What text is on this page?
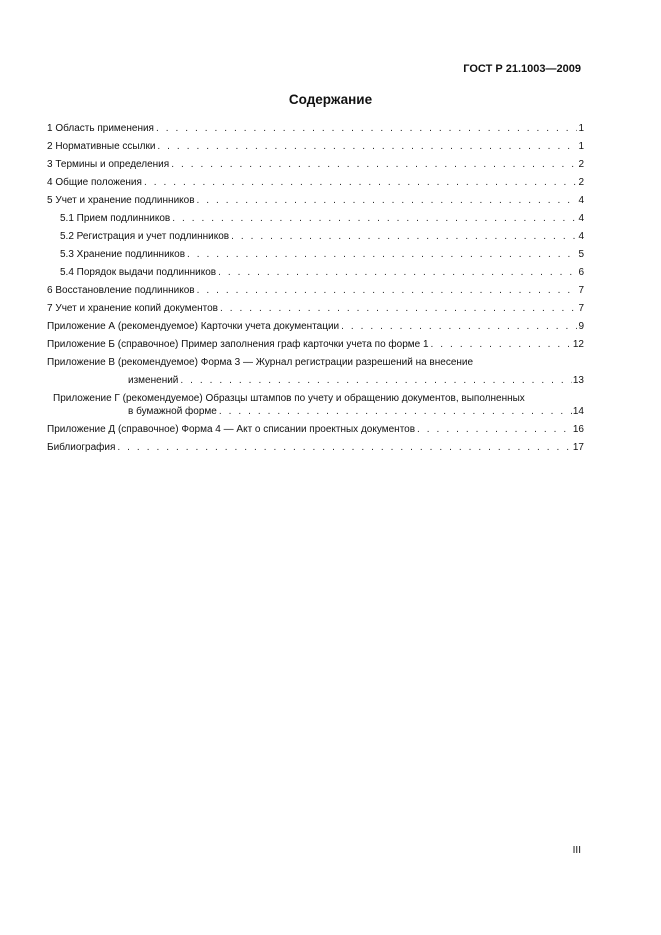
ГОСТ Р 21.1003—2009
Содержание
1 Область применения . . .	1
2 Нормативные ссылки . . .	1
3 Термины и определения . . .	2
4 Общие положения . . .	2
5 Учет и хранение подлинников . . .	4
5.1 Прием подлинников . . .	4
5.2 Регистрация и учет подлинников . . .	4
5.3 Хранение подлинников . . .	5
5.4 Порядок выдачи подлинников . . .	6
6 Восстановление подлинников . . .	7
7 Учет и хранение копий документов . . .	7
Приложение А (рекомендуемое) Карточки учета документации . . .	9
Приложение Б (справочное) Пример заполнения граф карточки учета по форме 1 . . .	12
Приложение В (рекомендуемое) Форма 3 — Журнал регистрации разрешений на внесение
изменений . . .	13
Приложение Г (рекомендуемое) Образцы штампов по учету и обращению документов, выполненных
в бумажной форме . . .	14
Приложение Д (справочное) Форма 4 — Акт о списании проектных документов . . .	16
Библиография . . .	17
III
